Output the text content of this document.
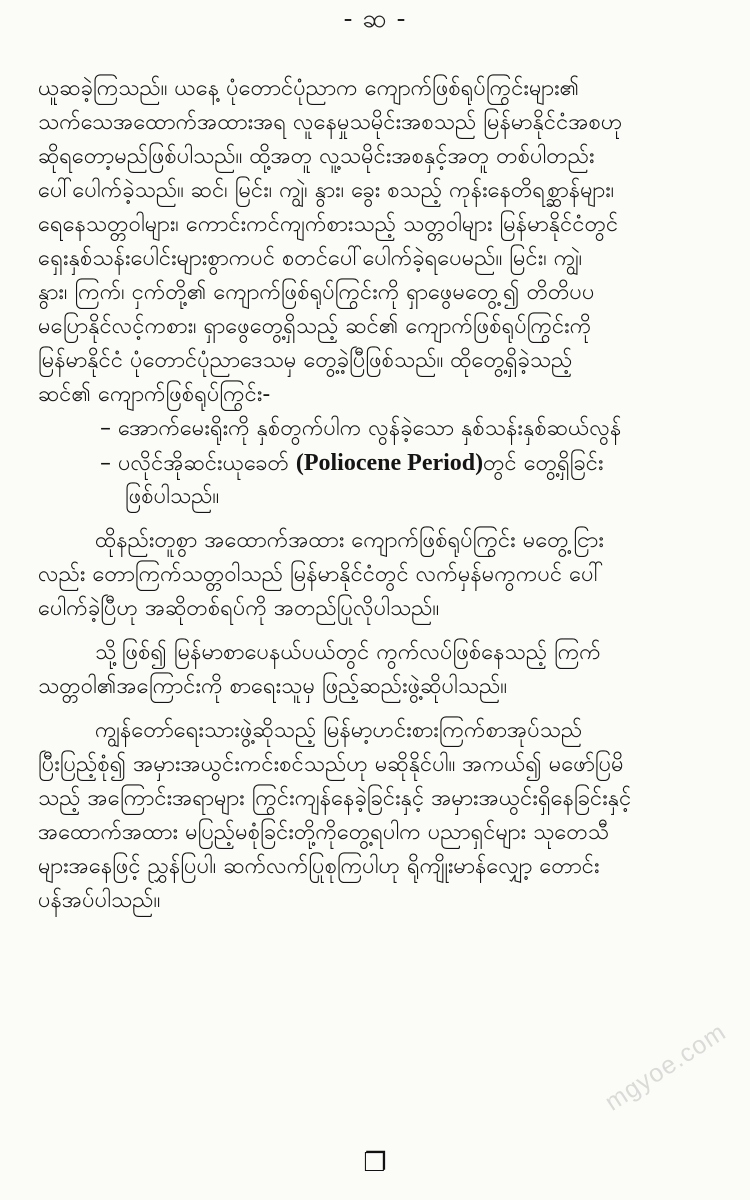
- ဆ -

ယူဆခဲ့ကြသည်။ ယနေ့ ပုံတောင်ပုံညာက ကျောက်ဖြစ်ရုပ်ကြွင်းများ၏

သက်သေအထောက်အထားအရ လူနေမှုသမိုင်းအစသည် မြန်မာနိုင်ငံအစဟု

ဆိုရတော့မည်ဖြစ်ပါသည်။ ထို့အတူ လူ့သမိုင်းအစနှင့်အတူ တစ်ပါတည်း

ပေါ်ပေါက်ခဲ့သည်။ ဆင်၊ မြင်း၊ ကျွဲ၊ နွား၊ ခွေး စသည့် ကုန်းနေတိရစ္ဆာန်များ၊

ရေနေသတ္တဝါများ၊ ကောင်းကင်ကျက်စားသည့် သတ္တဝါများ မြန်မာနိုင်ငံတွင်

ရှေးနှစ်သန်းပေါင်းများစွာကပင် စတင်ပေါ်ပေါက်ခဲ့ရပေမည်။ မြင်း၊ ကျွဲ၊

နွား၊ ကြက်၊ ငှက်တို့၏ ကျောက်ဖြစ်ရုပ်ကြွင်းကို ရှာဖွေမတွေ့၍ တိတိပပ

မပြောနိုင်လင့်ကစား၊ ရှာဖွေတွေ့ရှိသည့် ဆင်၏ ကျောက်ဖြစ်ရုပ်ကြွင်းကို

မြန်မာနိုင်ငံ ပုံတောင်ပုံညာဒေသမှ တွေ့ခဲ့ပြီဖြစ်သည်။ ထိုတွေ့ရှိခဲ့သည့်

ဆင်၏ ကျောက်ဖြစ်ရုပ်ကြွင်း-

– အောက်မေးရိုးကို နှစ်တွက်ပါက လွန်ခဲ့သော နှစ်သန်းနှစ်ဆယ်လွန်

– ပလိုင်အိုဆင်းယုခေတ် (Poliocene Period)တွင် တွေ့ရှိခြင်း

ဖြစ်ပါသည်။

ထိုနည်းတူစွာ အထောက်အထား ကျောက်ဖြစ်ရုပ်ကြွင်း မတွေ့ငြား

လည်း တောကြက်သတ္တဝါသည် မြန်မာနိုင်ငံတွင် လက်မှန်မကွကပင် ပေါ်

ပေါက်ခဲ့ပြီဟု အဆိုတစ်ရပ်ကို အတည်ပြုလိုပါသည်။

သို့ဖြစ်၍ မြန်မာစာပေနယ်ပယ်တွင် ကွက်လပ်ဖြစ်နေသည့် ကြက်

သတ္တဝါ၏အကြောင်းကို စာရေးသူမှ ဖြည့်ဆည်းဖွဲ့ဆိုပါသည်။

ကျွန်တော်ရေးသားဖွဲ့ဆိုသည့် မြန်မာ့ဟင်းစားကြက်စာအုပ်သည်

ပြီးပြည့်စုံ၍ အမှားအယွင်းကင်းစင်သည်ဟု မဆိုနိုင်ပါ။ အကယ်၍ မဖော်ပြမိ

သည့် အကြောင်းအရာများ ကြွင်းကျန်နေခဲ့ခြင်းနှင့် အမှားအယွင်းရှိနေခြင်းနှင့်

အထောက်အထား မပြည့်မစုံခြင်းတို့ကိုတွေ့ရပါက ပညာရှင်များ သုတေသီ

များအနေဖြင့် ညွှန်ပြပါ၊ ဆက်လက်ပြုစုကြပါဟု ရိုကျိုးမာန်လျှော့ တောင်း

ပန်အပ်ပါသည်။

❐
mgyoe.com
